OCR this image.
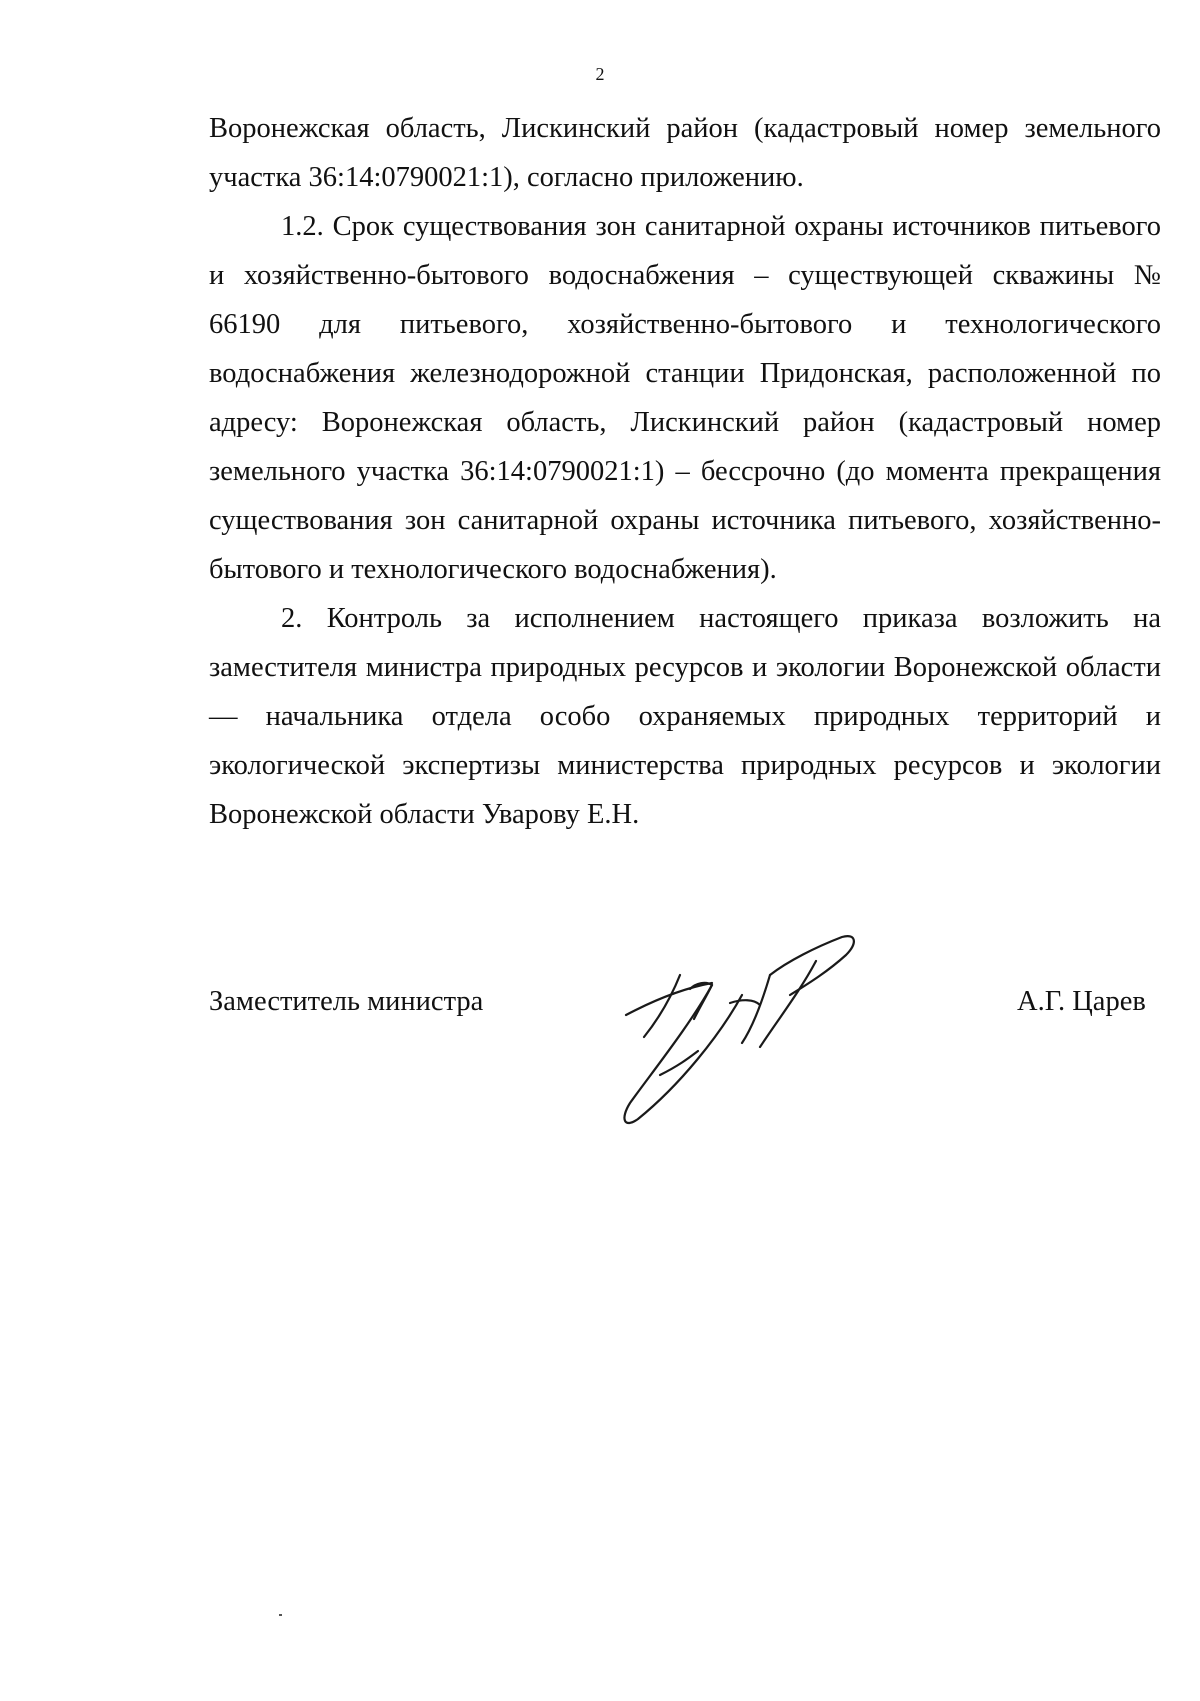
2

Воронежская область, Лискинский район (кадастровый номер земельного участка 36:14:0790021:1), согласно приложению.

1.2. Срок существования зон санитарной охраны источников питьевого и хозяйственно-бытового водоснабжения – существующей скважины № 66190 для питьевого, хозяйственно-бытового и технологического водоснабжения железнодорожной станции Придонская, расположенной по адресу: Воронежская область, Лискинский район (кадастровый номер земельного участка 36:14:0790021:1) – бессрочно (до момента прекращения существования зон санитарной охраны источника питьевого, хозяйственно-бытового и технологического водоснабжения).

2. Контроль за исполнением настоящего приказа возложить на заместителя министра природных ресурсов и экологии Воронежской области — начальника отдела особо охраняемых природных территорий и экологической экспертизы министерства природных ресурсов и экологии Воронежской области Уварову Е.Н.

Заместитель министра	А.Г. Царев
